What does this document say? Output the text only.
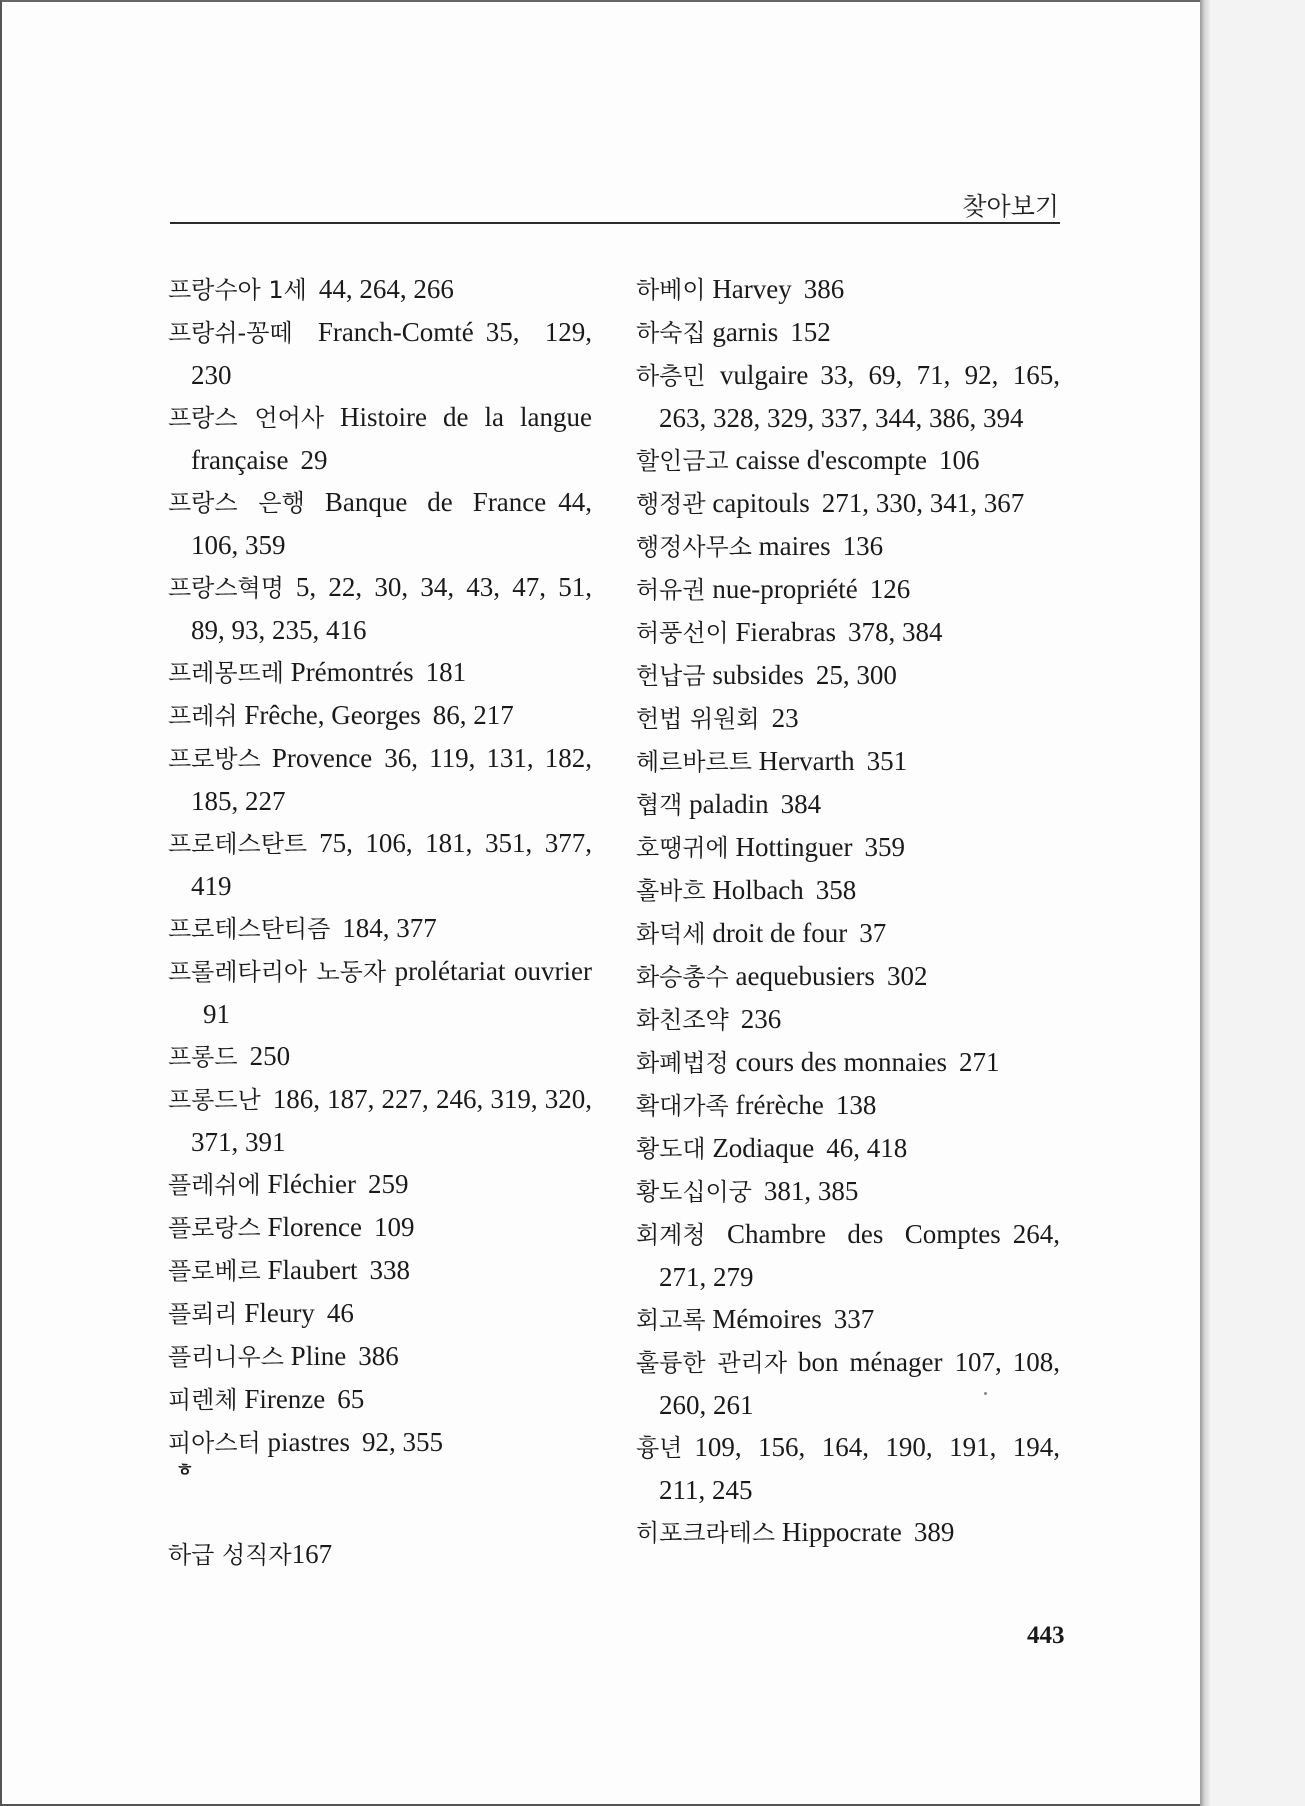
찾아보기
프랑수아 1세 44, 264, 266
프랑쉬-꽁떼 Franch-Comté 35, 129, 230
프랑스 언어사 Histoire de la langue française 29
프랑스 은행 Banque de France 44, 106, 359
프랑스혁명 5, 22, 30, 34, 43, 47, 51, 89, 93, 235, 416
프레몽뜨레 Prémontrés 181
프레쉬 Frêche, Georges 86, 217
프로방스 Provence 36, 119, 131, 182, 185, 227
프로테스탄트 75, 106, 181, 351, 377, 419
프로테스탄티즘 184, 377
프롤레타리아 노동자 prolétariat ouvrier91
프롱드 250
프롱드난 186, 187, 227, 246, 319, 320, 371, 391
플레쉬에 Fléchier 259
플로랑스 Florence 109
플로베르 Flaubert 338
플뢰리 Fleury 46
플리니우스 Pline 386
피렌체 Firenze 65
피아스터 piastres 92, 355
하베이 Harvey 386
하숙집 garnis 152
하층민 vulgaire 33, 69, 71, 92, 165, 263, 328, 329, 337, 344, 386, 394
할인금고 caisse d'escompte 106
행정관 capitouls 271, 330, 341, 367
행정사무소 maires 136
허유권 nue-propriété 126
허풍선이 Fierabras 378, 384
헌납금 subsides 25, 300
헌법 위원회 23
헤르바르트 Hervarth 351
협객 paladin 384
호땡귀에 Hottinguer 359
홀바흐 Holbach 358
화덕세 droit de four 37
화승총수 aequebusiers 302
화친조약 236
화폐법정 cours des monnaies 271
확대가족 frérèche 138
황도대 Zodiaque 46, 418
황도십이궁 381, 385
회계청 Chambre des Comptes 264, 271, 279
회고록 Mémoires 337
훌륭한 관리자 bon ménager 107, 108, 260, 261
흉년 109, 156, 164, 190, 191, 194, 211, 245
히포크라테스 Hippocrate 389
ㅎ
하급 성직자167
443
